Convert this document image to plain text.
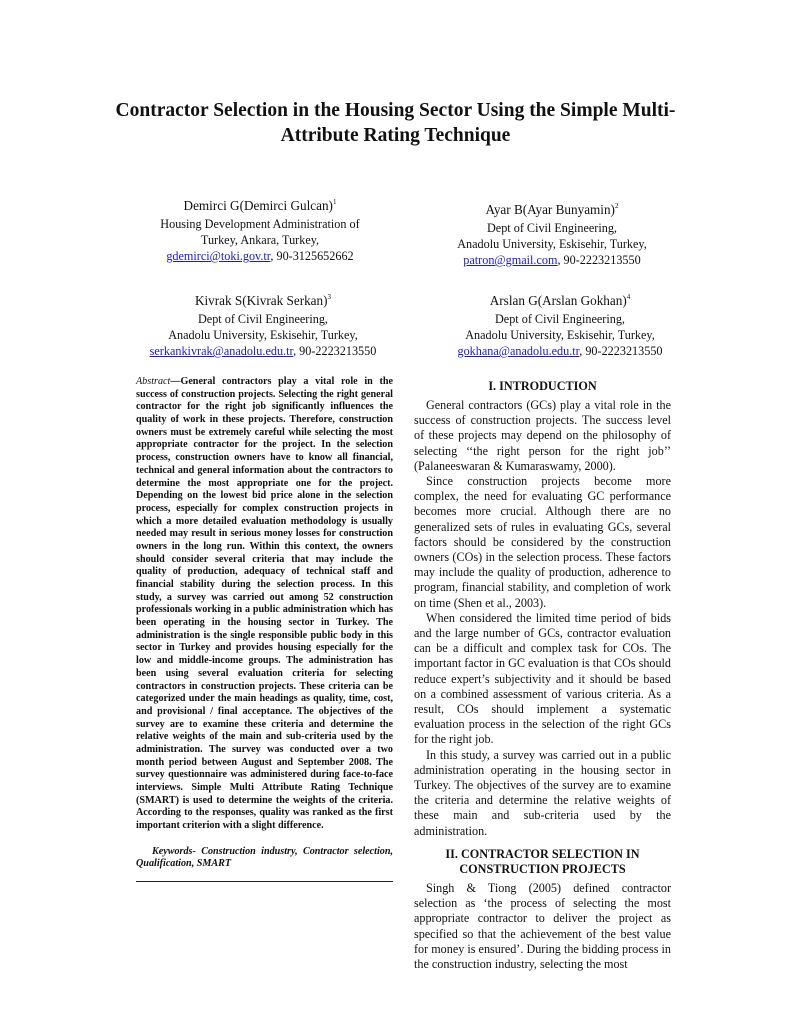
Contractor Selection in the Housing Sector Using the Simple Multi-Attribute Rating Technique
Demirci G(Demirci Gulcan)$^1$
Housing Development Administration of
Turkey, Ankara, Turkey,
gdemirci@toki.gov.tr, 90-3125652662
Ayar B(Ayar Bunyamin)$^2$
Dept of Civil Engineering,
Anadolu University, Eskisehir, Turkey,
patron@gmail.com, 90-2223213550
Kivrak S(Kivrak Serkan)$^3$
Dept of Civil Engineering,
Anadolu University, Eskisehir, Turkey,
serkankivrak@anadolu.edu.tr, 90-2223213550
Arslan G(Arslan Gokhan)$^4$
Dept of Civil Engineering,
Anadolu University, Eskisehir, Turkey,
gokhana@anadolu.edu.tr, 90-2223213550

Abstract—General contractors play a vital role in the success of construction projects. Selecting the right general contractor for the right job significantly influences the quality of work in these projects. Therefore, construction owners must be extremely careful while selecting the most appropriate contractor for the project. In the selection process, construction owners have to know all financial, technical and general information about the contractors to determine the most appropriate one for the project. Depending on the lowest bid price alone in the selection process, especially for complex construction projects in which a more detailed evaluation methodology is usually needed may result in serious money losses for construction owners in the long run. Within this context, the owners should consider several criteria that may include the quality of production, adequacy of technical staff and financial stability during the selection process. In this study, a survey was carried out among 52 construction professionals working in a public administration which has been operating in the housing sector in Turkey. The administration is the single responsible public body in this sector in Turkey and provides housing especially for the low and middle-income groups. The administration has been using several evaluation criteria for selecting contractors in construction projects. These criteria can be categorized under the main headings as quality, time, cost, and provisional / final acceptance. The objectives of the survey are to examine these criteria and determine the relative weights of the main and sub-criteria used by the administration. The survey was conducted over a two month period between August and September 2008. The survey questionnaire was administered during face-to-face interviews. Simple Multi Attribute Rating Technique (SMART) is used to determine the weights of the criteria. According to the responses, quality was ranked as the first important criterion with a slight difference.

Keywords- Construction industry, Contractor selection, Qualification, SMART

I. INTRODUCTION

General contractors (GCs) play a vital role in the success of construction projects. The success level of these projects may depend on the philosophy of selecting ‘‘the right person for the right job’’ (Palaneeswaran & Kumaraswamy, 2000).

Since construction projects become more complex, the need for evaluating GC performance becomes more crucial. Although there are no generalized sets of rules in evaluating GCs, several factors should be considered by the construction owners (COs) in the selection process. These factors may include the quality of production, adherence to program, financial stability, and completion of work on time (Shen et al., 2003).

When considered the limited time period of bids and the large number of GCs, contractor evaluation can be a difficult and complex task for COs. The important factor in GC evaluation is that COs should reduce expert’s subjectivity and it should be based on a combined assessment of various criteria. As a result, COs should implement a systematic evaluation process in the selection of the right GCs for the right job.

In this study, a survey was carried out in a public administration operating in the housing sector in Turkey. The objectives of the survey are to examine the criteria and determine the relative weights of these main and sub-criteria used by the administration.

II. CONTRACTOR SELECTION IN
CONSTRUCTION PROJECTS

Singh & Tiong (2005) defined contractor selection as ‘the process of selecting the most appropriate contractor to deliver the project as specified so that the achievement of the best value for money is ensured’. During the bidding process in the construction industry, selecting the most
